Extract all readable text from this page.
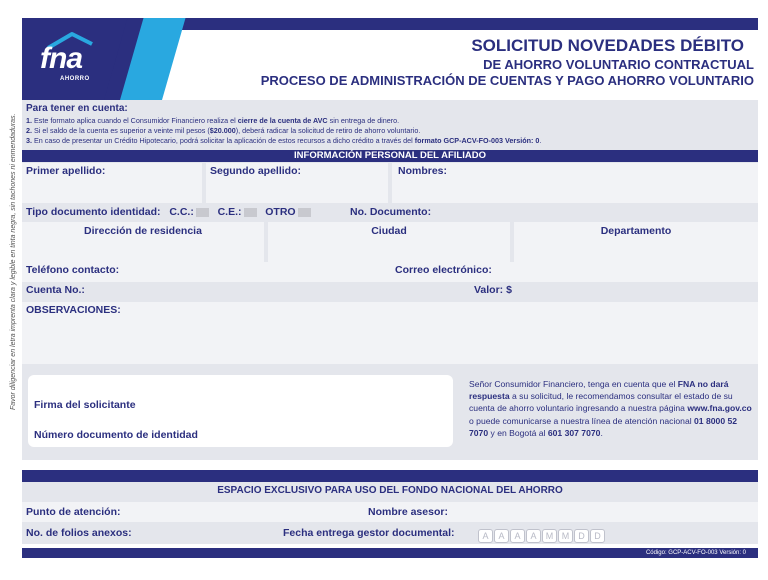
Favor diligenciar en letra imprenta clara y legible en tinta negra, sin tachones ni enmendaduras.
fna
AHORRO
SOLICITUD NOVEDADES DÉBITO
DE AHORRO VOLUNTARIO CONTRACTUAL
PROCESO DE ADMINISTRACIÓN DE CUENTAS Y PAGO AHORRO VOLUNTARIO
Para tener en cuenta:
1. Este formato aplica cuando el Consumidor Financiero realiza el cierre de la cuenta de AVC sin entrega de dinero.
2. Si el saldo de la cuenta es superior a veinte mil pesos ($20.000), deberá radicar la solicitud de retiro de ahorro voluntario.
3. En caso de presentar un Crédito Hipotecario, podrá solicitar la aplicación de estos recursos a dicho crédito a través del formato GCP-ACV-FO-003 Versión: 0.
INFORMACIÓN PERSONAL DEL AFILIADO
Primer apellido:	Segundo apellido:	Nombres:
Tipo documento identidad: C.C.: C.E.: OTRO	No. Documento:
Dirección de residencia	Ciudad	Departamento
Teléfono contacto:	Correo electrónico:
Cuenta No.:	Valor: $
OBSERVACIONES:
Firma del solicitante
Número documento de identidad
Señor Consumidor Financiero, tenga en cuenta que el FNA no dará respuesta a su solicitud, le recomendamos consultar el estado de su cuenta de ahorro voluntario ingresando a nuestra página www.fna.gov.co o puede comunicarse a nuestra línea de atención nacional 01 8000 52 7070 y en Bogotá al 601 307 7070.
ESPACIO EXCLUSIVO PARA USO DEL FONDO NACIONAL DEL AHORRO
Punto de atención:	Nombre asesor:
No. de folios anexos:	Fecha entrega gestor documental:	A A A A M M D D
Código: GCP-ACV-FO-003 Versión: 0
